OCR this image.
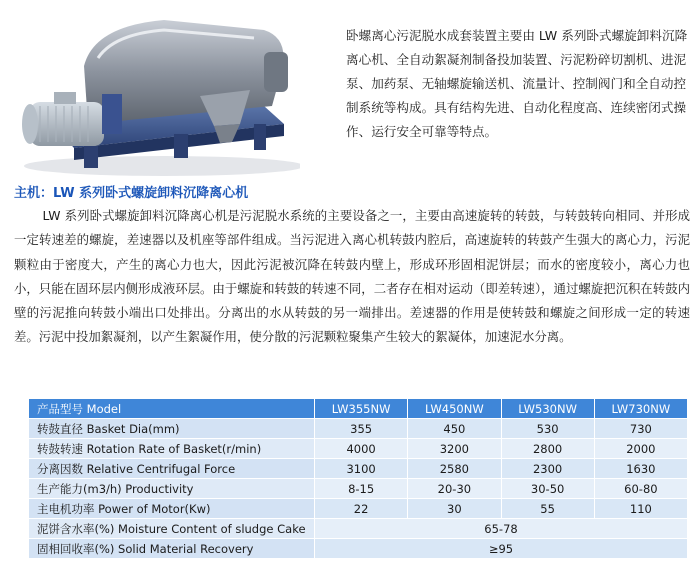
卧螺离心污泥脱水成套装置主要由 LW 系列卧式螺旋卸料沉降离心机、全自动絮凝剂制备投加装置、污泥粉碎切割机、进泥泵、加药泵、无轴螺旋输送机、流量计、控制阀门和全自动控制系统等构成。具有结构先进、自动化程度高、连续密闭式操作、运行安全可靠等特点。
主机：LW 系列卧式螺旋卸料沉降离心机

LW 系列卧式螺旋卸料沉降离心机是污泥脱水系统的主要设备之一，主要由高速旋转的转鼓，与转鼓转向相同、并形成一定转速差的螺旋，差速器以及机座等部件组成。当污泥进入离心机转鼓内腔后，高速旋转的转鼓产生强大的离心力，污泥颗粒由于密度大，产生的离心力也大，因此污泥被沉降在转鼓内壁上，形成环形固相泥饼层；而水的密度较小，离心力也小，只能在固环层内侧形成液环层。由于螺旋和转鼓的转速不同，二者存在相对运动（即差转速），通过螺旋把沉积在转鼓内壁的污泥推向转鼓小端出口处排出。分离出的水从转鼓的另一端排出。差速器的作用是使转鼓和螺旋之间形成一定的转速差。污泥中投加絮凝剂，以产生絮凝作用，使分散的污泥颗粒聚集产生较大的絮凝体，加速泥水分离。

产品型号 Model	LW355NW	LW450NW	LW530NW	LW730NW
转鼓直径 Basket Dia(mm)	355	450	530	730
转鼓转速 Rotation Rate of Basket(r/min)	4000	3200	2800	2000
分离因数 Relative Centrifugal Force	3100	2580	2300	1630
生产能力(m3/h) Productivity	8-15	20-30	30-50	60-80
主电机功率 Power of Motor(Kw)	22	30	55	110
泥饼含水率(%) Moisture Content of sludge Cake	65-78			
固相回收率(%) Solid Material Recovery	≥95			
